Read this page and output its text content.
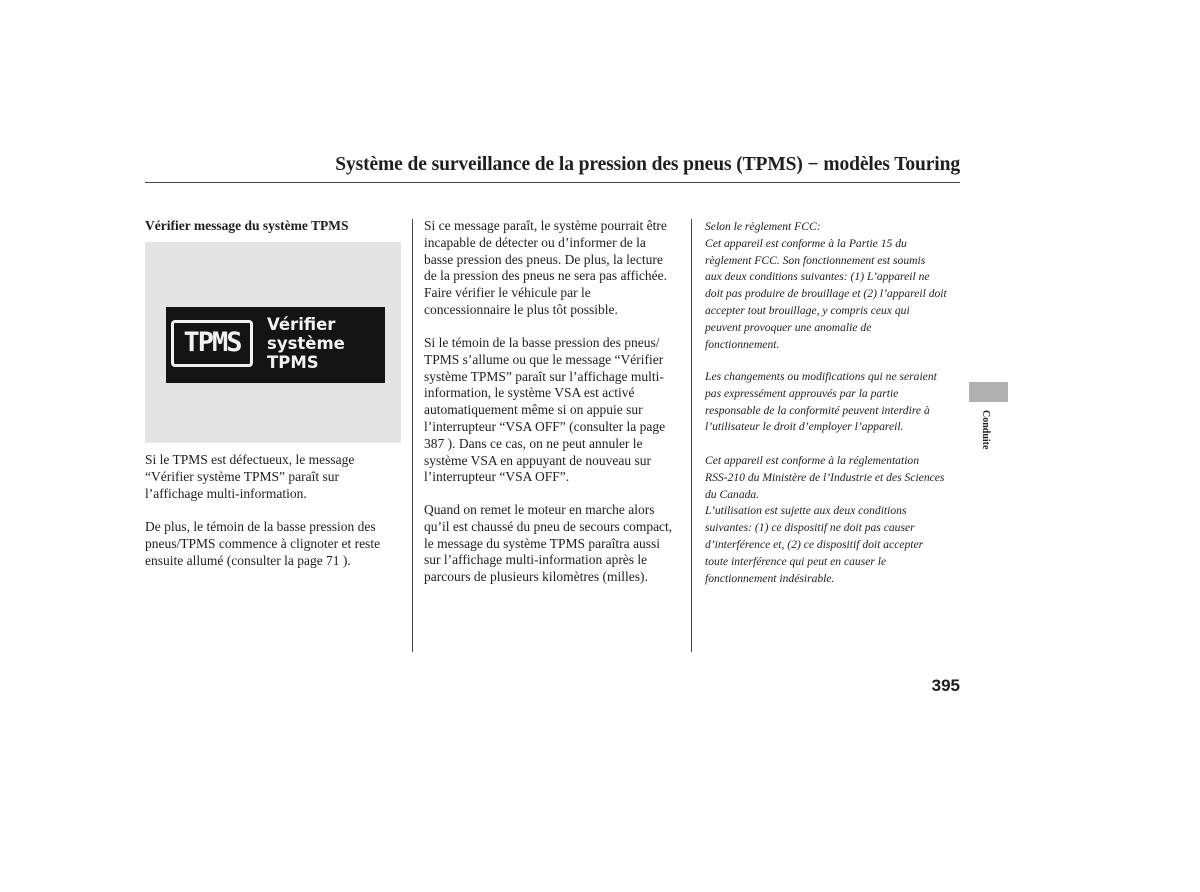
Système de surveillance de la pression des pneus (TPMS) − modèles Touring
Vérifier message du système TPMS
TPMS
Vérifier
système
TPMS

Si le TPMS est défectueux, le message

“Vérifier système TPMS” paraît sur

l’affichage multi-information.

De plus, le témoin de la basse pression des

pneus/TPMS commence à clignoter et reste

ensuite allumé (consulter la page 71 ).

Si ce message paraît, le système pourrait être

incapable de détecter ou d’informer de la

basse pression des pneus. De plus, la lecture

de la pression des pneus ne sera pas affichée.

Faire vérifier le véhicule par le

concessionnaire le plus tôt possible.

Si le témoin de la basse pression des pneus/

TPMS s’allume ou que le message “Vérifier

système TPMS” paraît sur l’affichage multi-

information, le système VSA est activé

automatiquement même si on appuie sur

l’interrupteur “VSA OFF” (consulter la page

387 ). Dans ce cas, on ne peut annuler le

système VSA en appuyant de nouveau sur

l’interrupteur “VSA OFF”.

Quand on remet le moteur en marche alors

qu’il est chaussé du pneu de secours compact,

le message du système TPMS paraîtra aussi

sur l’affichage multi-information après le

parcours de plusieurs kilomètres (milles).

Selon le règlement FCC:

Cet appareil est conforme à la Partie 15 du

règlement FCC. Son fonctionnement est soumis

aux deux conditions suivantes: (1) L’appareil ne

doit pas produire de brouillage et (2) l’appareil doit

accepter tout brouillage, y compris ceux qui

peuvent provoquer une anomalie de

fonctionnement.

Les changements ou modifications qui ne seraient

pas expressément approuvés par la partie

responsable de la conformité peuvent interdire à

l’utilisateur le droit d’employer l’appareil.

Cet appareil est conforme à la réglementation

RSS-210 du Ministère de l’Industrie et des Sciences

du Canada.

L’utilisation est sujette aux deux conditions

suivantes: (1) ce dispositif ne doit pas causer

d’interférence et, (2) ce dispositif doit accepter

toute interférence qui peut en causer le

fonctionnement indésirable.

Conduite
395
